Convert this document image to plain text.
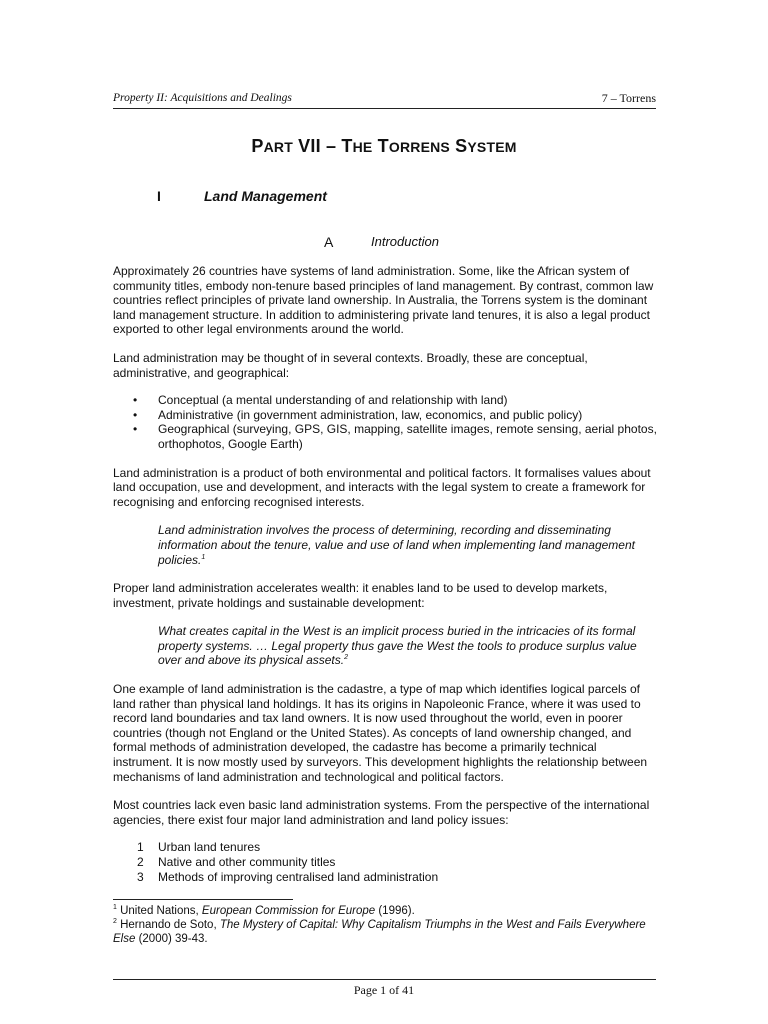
Property II: Acquisitions and Dealings	7 – Torrens
PART VII – THE TORRENS SYSTEM
I	Land Management
A	Introduction

Approximately 26 countries have systems of land administration. Some, like the African system of community titles, embody non-tenure based principles of land management. By contrast, common law countries reflect principles of private land ownership. In Australia, the Torrens system is the dominant land management structure. In addition to administering private land tenures, it is also a legal product exported to other legal environments around the world.

Land administration may be thought of in several contexts. Broadly, these are conceptual, administrative, and geographical:

• Conceptual (a mental understanding of and relationship with land)
• Administrative (in government administration, law, economics, and public policy)
• Geographical (surveying, GPS, GIS, mapping, satellite images, remote sensing, aerial photos, orthophotos, Google Earth)

Land administration is a product of both environmental and political factors. It formalises values about land occupation, use and development, and interacts with the legal system to create a framework for recognising and enforcing recognised interests.

Land administration involves the process of determining, recording and disseminating information about the tenure, value and use of land when implementing land management policies.$^1$

Proper land administration accelerates wealth: it enables land to be used to develop markets, investment, private holdings and sustainable development:

What creates capital in the West is an implicit process buried in the intricacies of its formal property systems. … Legal property thus gave the West the tools to produce surplus value over and above its physical assets.$^2$

One example of land administration is the cadastre, a type of map which identifies logical parcels of land rather than physical land holdings. It has its origins in Napoleonic France, where it was used to record land boundaries and tax land owners. It is now used throughout the world, even in poorer countries (though not England or the United States). As concepts of land ownership changed, and formal methods of administration developed, the cadastre has become a primarily technical instrument. It is now mostly used by surveyors. This development highlights the relationship between mechanisms of land administration and technological and political factors.

Most countries lack even basic land administration systems. From the perspective of the international agencies, there exist four major land administration and land policy issues:

1 Urban land tenures
2 Native and other community titles
3 Methods of improving centralised land administration

$^1$ United Nations, European Commission for Europe (1996).

$^2$ Hernando de Soto, The Mystery of Capital: Why Capitalism Triumphs in the West and Fails Everywhere Else (2000) 39-43.

Page 1 of 41
